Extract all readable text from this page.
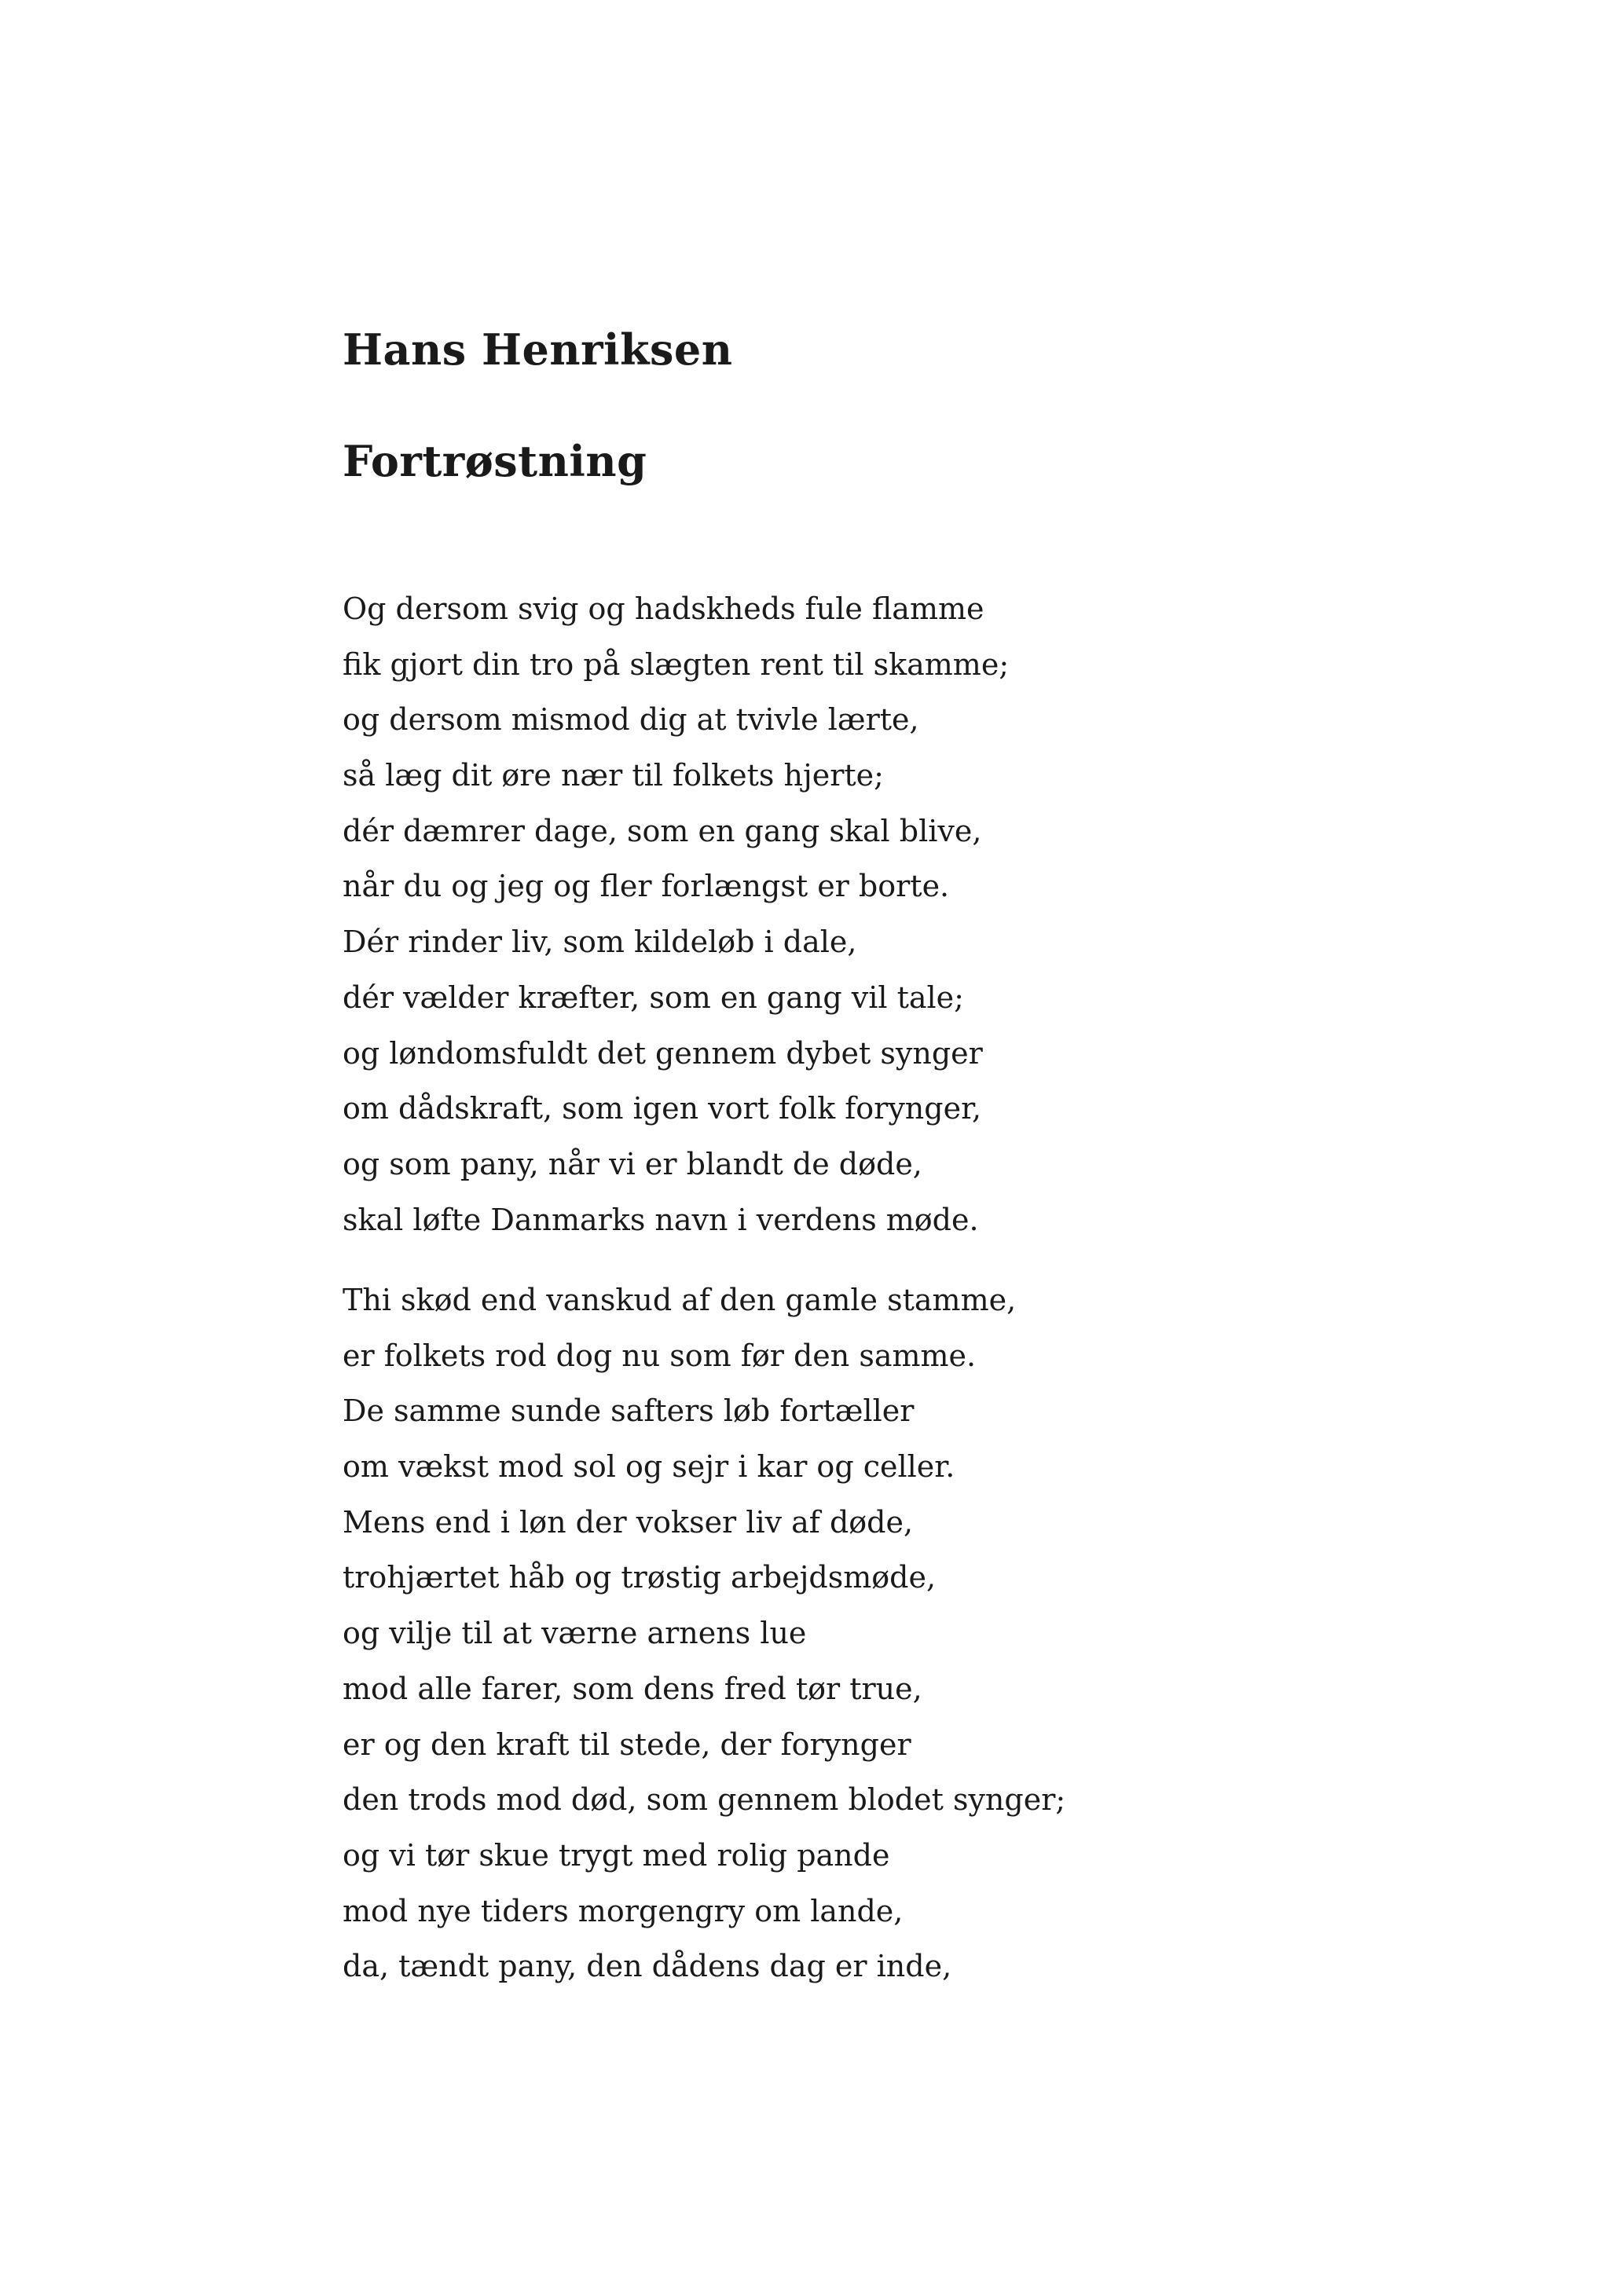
Hans Henriksen
Fortrøstning
Og dersom svig og hadskheds fule flamme
fik gjort din tro på slægten rent til skamme;
og dersom mismod dig at tvivle lærte,
så læg dit øre nær til folkets hjerte;
dér dæmrer dage, som en gang skal blive,
når du og jeg og fler forlængst er borte.
Dér rinder liv, som kildeløb i dale,
dér vælder kræfter, som en gang vil tale;
og løndomsfuldt det gennem dybet synger
om dådskraft, som igen vort folk forynger,
og som pany, når vi er blandt de døde,
skal løfte Danmarks navn i verdens møde.
Thi skød end vanskud af den gamle stamme,
er folkets rod dog nu som før den samme.
De samme sunde safters løb fortæller
om vækst mod sol og sejr i kar og celler.
Mens end i løn der vokser liv af døde,
trohjærtet håb og trøstig arbejdsmøde,
og vilje til at værne arnens lue
mod alle farer, som dens fred tør true,
er og den kraft til stede, der forynger
den trods mod død, som gennem blodet synger;
og vi tør skue trygt med rolig pande
mod nye tiders morgengry om lande,
da, tændt pany, den dådens dag er inde,
